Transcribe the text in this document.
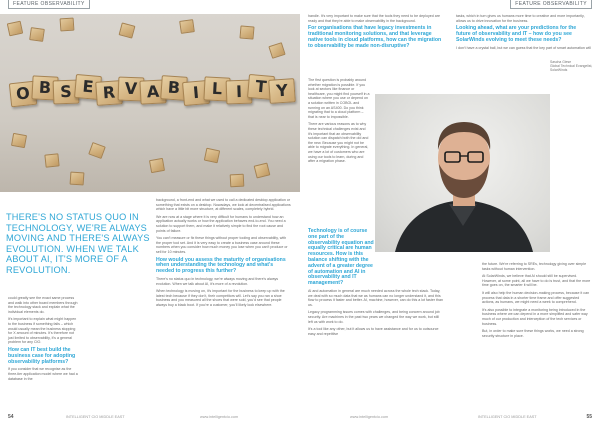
FEATURE OBSERVABILITY
O B S E R V A B I L I T Y
THERE'S NO STATUS QUO IN TECHNOLOGY, WE'RE ALWAYS MOVING AND THERE'S ALWAYS EVOLUTION. WHEN WE TALK ABOUT AI, IT'S MORE OF A REVOLUTION.

could greatly see the exact same process and walk into other board members through the technology stack and explain what the individual elements do.

It's important to explain what might happen to the business if something fails – which would usually mean the business stopping for X amount of minutes. It's therefore not just limited to observability, it's a general problem for any CIO.

How can IT best build the business case for adopting observability platforms?

If you consider that we recognise as the three-tier application model where we had a database in the

background, a front-end and what we used to call a dedicated desktop application or something that exists on a desktop. Nowadays, we look at decentralised applications which have a little bit more structure, at different scales, completely hybrid.

We are now at a stage where it is very difficult for humans to understand how an application actually works or how the application behaves end-to-end. You need a solution to support them, and make it relatively simple to find the root cause and points of failure.

You can't measure or fix these things without proper tooling and observability, with the proper tool set. And it is very easy to create a business case around these numbers when you consider how much money you lose when you can't produce or sell for 10 minutes.

How would you assess the maturity of organisations when understanding the technology and what's needed to progress this further?

There's no status quo in technology, we're always moving and there's always evolution. When we talk about AI, it's more of a revolution.

When technology is moving on, it's important for the business to keep up with the latest tech because if they don't, their competitors will. Let's say you ran a shoe business and you measured all the shoes that were sold, you'd see that people always buy a black boot. If you're a customer, you'll likely look elsewhere.

54	INTELLIGENT CIO MIDDLE EAST	www.intelligentcio.com
FEATURE OBSERVABILITY

handle. It's very important to make sure that the tools they need to be deployed are ready and that they're able to make observability in the background.

For organisations that have legacy investments in traditional monitoring solutions, and that leverage native tools in cloud platforms, how can the migration to observability be made non-disruptive?

The first question is probably around whether migration is possible. If you look at sectors like finance or healthcare, you might find yourself in a situation where you use or depend on a solution written in COBOL and running on an AS400. Do you think migrating that to a cloud platform – that is near to impossible.

There are various reasons as to why these technical challenges exist and it's important that an observability solution can dispatch both the old and the new. Because you might not be able to migrate everything. In general, we have a lot of customers who are using our tools to learn, during and after a migration phase.

Technology is of course one part of the observability equation and equally critical are human resources. How is this balance shifting with the advent of a greater degree of automation and AI in observability and IT management?

AI and automation in general are much needed across the whole tech stack. Today, we deal with so much data that we as humans can no longer understand it, and this flow to process it faster and better. AI, machine, however, can do this a lot faster than us.

Legacy programming issues comes with challenges, and being concern around job security. Are machines in the past two years we changed the way we work, but still left us with work to do.

It's a tool like any other, but it allows us to have assistance and for us to outsource easy and repetitive

tasks, which in turn gives us humans more time to creative and more importantly, allows us to drive innovation for the business.

Looking ahead, what are your predictions for the future of observability and IT – how do you see SolarWinds evolving to meet these needs?

I don't have a crystal ball, but we can guess that the key part of smart automation will

Sascha Giese
Global Technical Evangelist, SolarWinds

the future. We're referring to SREs, technology giving over simple tasks without human intervention.

At SolarWinds, we believe that AI should still be supervised. However, at some point, all we have to do is trust, and that the more time goes on, the smarter it will be.

It will also help the human decision-making process, because it can process that data in a shorter time frame and offer suggested actions, as humans, we might need a week to comprehend.

It's also possible to integrate a monitoring being introduced in the business where we can depend in a more simplified and safer way much of our production and interception of the tech services or business.

But, in order to make sure these things works, we need a strong security structure in place.

www.intelligentcio.com	INTELLIGENT CIO MIDDLE EAST	55
